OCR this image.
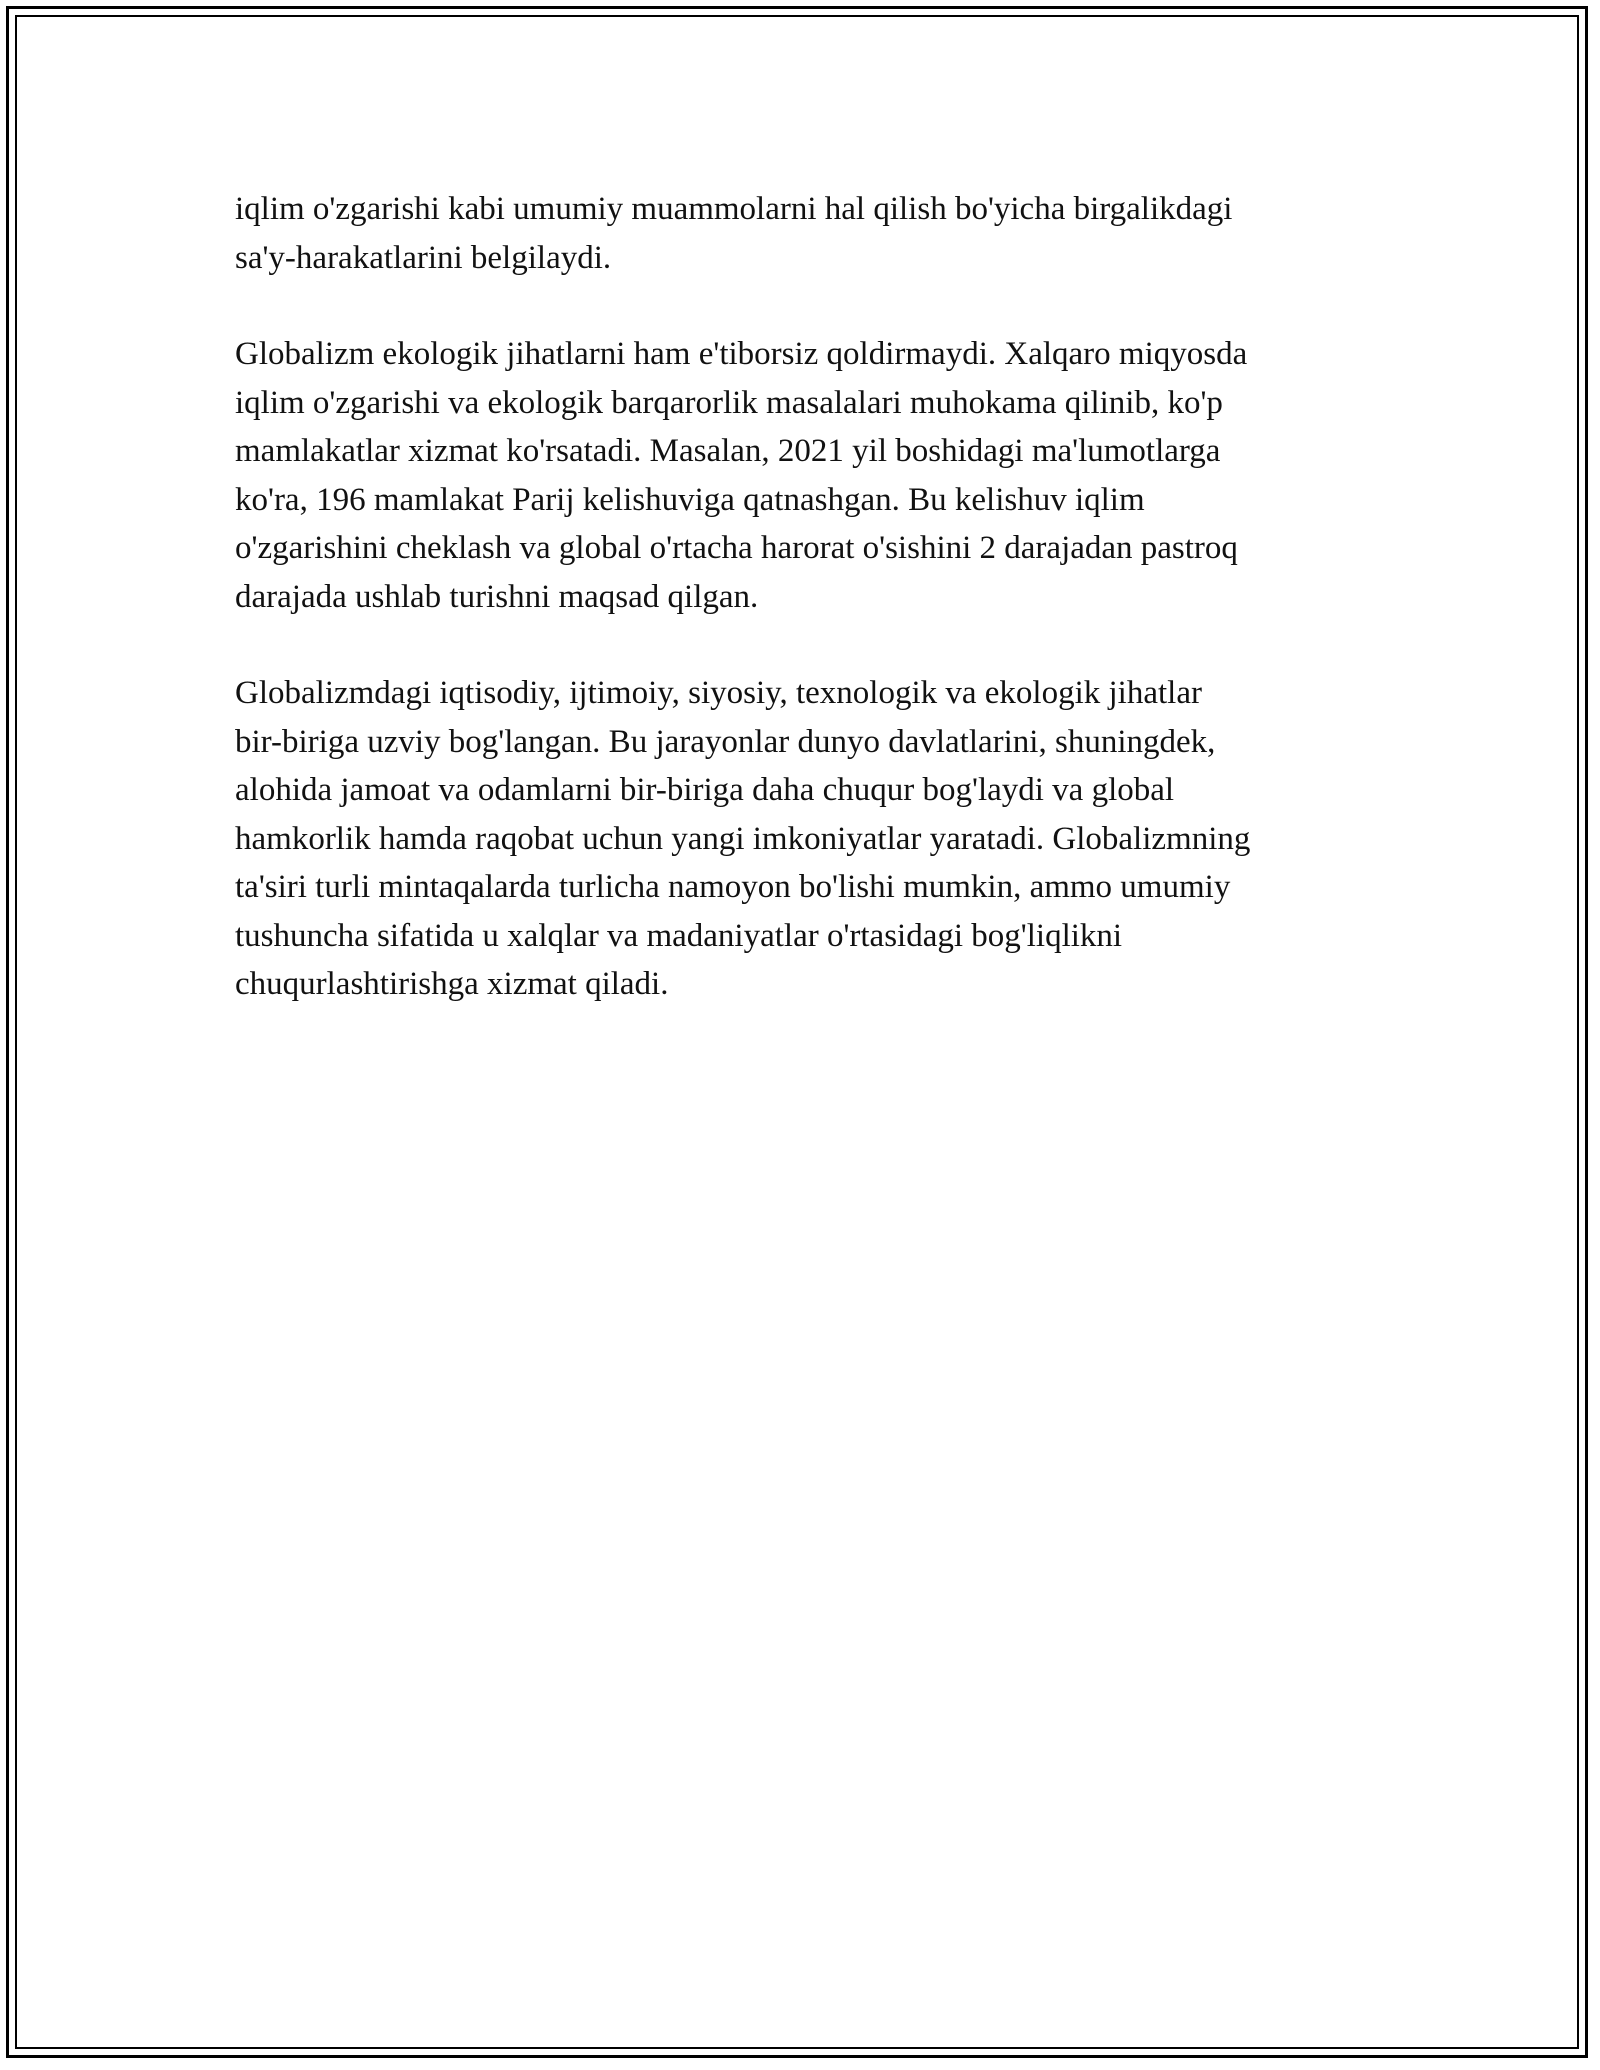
iqlim o'zgarishi kabi umumiy muammolarni hal qilish bo'yicha birgalikdagi
sa'y-harakatlarini belgilaydi.

Globalizm ekologik jihatlarni ham e'tiborsiz qoldirmaydi. Xalqaro miqyosda
iqlim o'zgarishi va ekologik barqarorlik masalalari muhokama qilinib, ko'p
mamlakatlar xizmat ko'rsatadi. Masalan, 2021 yil boshidagi ma'lumotlarga
ko'ra, 196 mamlakat Parij kelishuviga qatnashgan. Bu kelishuv iqlim
o'zgarishini cheklash va global o'rtacha harorat o'sishini 2 darajadan pastroq
darajada ushlab turishni maqsad qilgan.

Globalizmdagi iqtisodiy, ijtimoiy, siyosiy, texnologik va ekologik jihatlar
bir-biriga uzviy bog'langan. Bu jarayonlar dunyo davlatlarini, shuningdek,
alohida jamoat va odamlarni bir-biriga daha chuqur bog'laydi va global
hamkorlik hamda raqobat uchun yangi imkoniyatlar yaratadi. Globalizmning
ta'siri turli mintaqalarda turlicha namoyon bo'lishi mumkin, ammo umumiy
tushuncha sifatida u xalqlar va madaniyatlar o'rtasidagi bog'liqlikni
chuqurlashtirishga xizmat qiladi.
